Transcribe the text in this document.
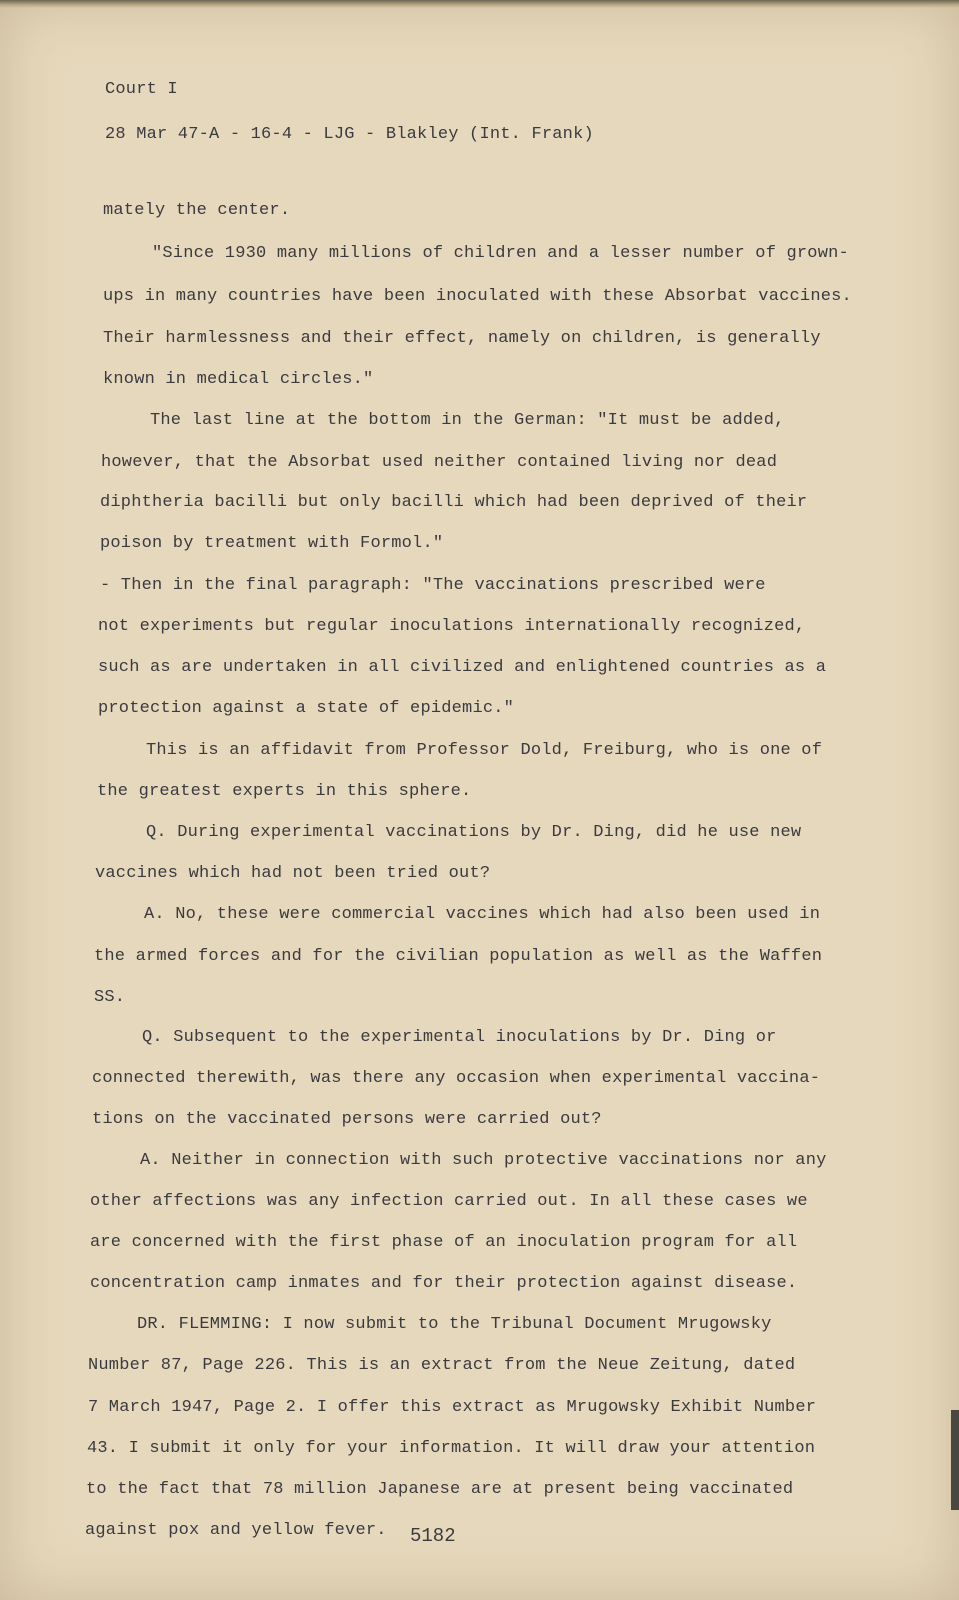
Court I
28 Mar 47-A - 16-4 - LJG - Blakley (Int. Frank)
mately the center.
"Since 1930 many millions of children and a lesser number of grown-
ups in many countries have been inoculated with these Absorbat vaccines.
Their harmlessness and their effect, namely on children, is generally
known in medical circles."
The last line at the bottom in the German: "It must be added,
however, that the Absorbat used neither contained living nor dead
diphtheria bacilli but only bacilli which had been deprived of their
poison by treatment with Formol."
- Then in the final paragraph: "The vaccinations prescribed were
not experiments but regular inoculations internationally recognized,
such as are undertaken in all civilized and enlightened countries as a
protection against a state of epidemic."
This is an affidavit from Professor Dold, Freiburg, who is one of
the greatest experts in this sphere.
Q. During experimental vaccinations by Dr. Ding, did he use new
vaccines which had not been tried out?
A. No, these were commercial vaccines which had also been used in
the armed forces and for the civilian population as well as the Waffen
SS.
Q. Subsequent to the experimental inoculations by Dr. Ding or
connected therewith, was there any occasion when experimental vaccina-
tions on the vaccinated persons were carried out?
A. Neither in connection with such protective vaccinations nor any
other affections was any infection carried out. In all these cases we
are concerned with the first phase of an inoculation program for all
concentration camp inmates and for their protection against disease.
DR. FLEMMING: I now submit to the Tribunal Document Mrugowsky
Number 87, Page 226. This is an extract from the Neue Zeitung, dated
7 March 1947, Page 2. I offer this extract as Mrugowsky Exhibit Number
43. I submit it only for your information. It will draw your attention
to the fact that 78 million Japanese are at present being vaccinated
against pox and yellow fever. 5182
